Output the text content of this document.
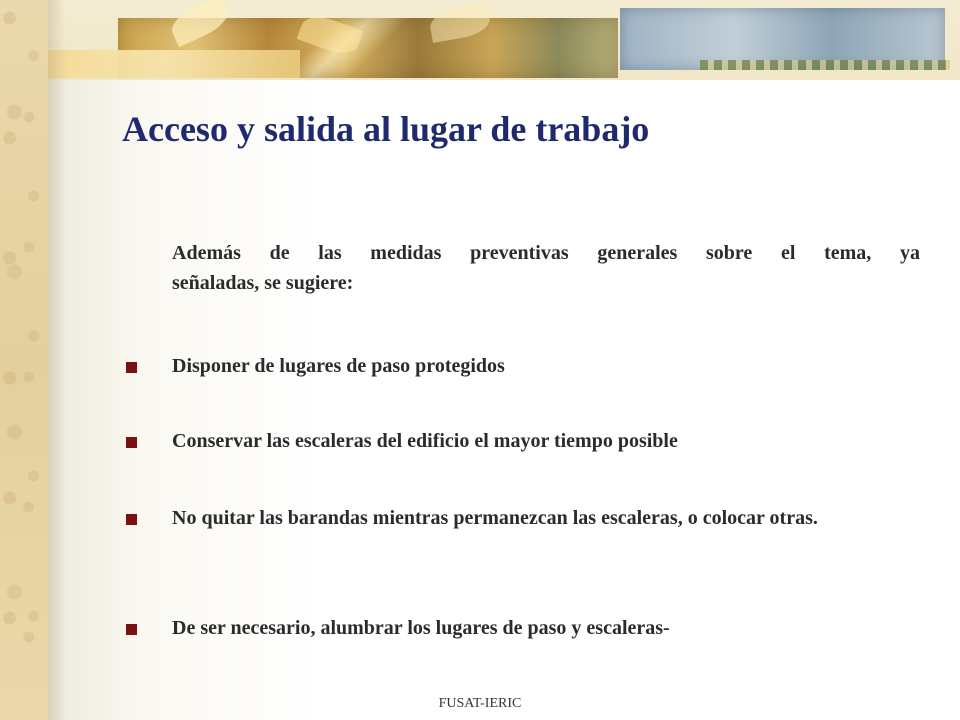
Acceso y salida al lugar de trabajo
Además de las medidas preventivas generales sobre el tema, ya
señaladas, se sugiere:
Disponer de lugares de paso protegidos
Conservar las escaleras del edificio el mayor tiempo posible
No quitar las barandas mientras permanezcan las escaleras, o colocar otras.
De ser necesario, alumbrar los lugares de paso y escaleras-
FUSAT-IERIC
